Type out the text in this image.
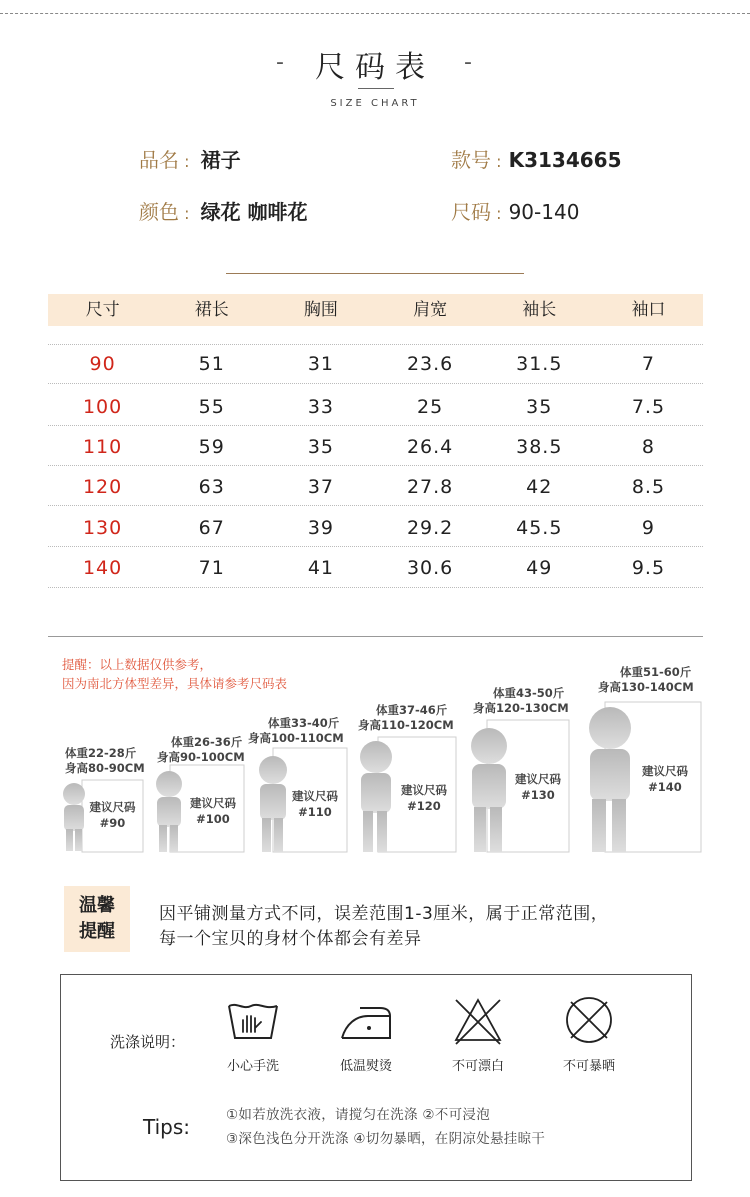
-	尺码表	-
SIZE CHART
品名 : 裙子	款号 : K3134665
颜色 : 绿花 咖啡花	尺码 : 90-140
尺寸	裙长	胸围	肩宽	袖长	袖口
90	51	31	23.6	31.5	7
100	55	33	25	35	7.5
110	59	35	26.4	38.5	8
120	63	37	27.8	42	8.5
130	67	39	29.2	45.5	9
140	71	41	30.6	49	9.5
提醒：以上数据仅供参考，
因为南北方体型差异，具体请参考尺码表
体重22-28斤
身高80-90CM
体重26-36斤
身高90-100CM
体重33-40斤
身高100-110CM
体重37-46斤
身高110-120CM
体重43-50斤
身高120-130CM
体重51-60斤
身高130-140CM
建议尺码
#90
建议尺码
#100
建议尺码
#110
建议尺码
#120
建议尺码
#130
建议尺码
#140
温馨
提醒
因平铺测量方式不同，误差范围1-3厘米，属于正常范围，
每一个宝贝的身材个体都会有差异
洗涤说明：
小心手洗	低温熨烫	不可漂白	不可暴晒
Tips:	①如若放洗衣液，请搅匀在洗涤 ②不可浸泡
③深色浅色分开洗涤 ④切勿暴晒，在阴凉处悬挂晾干
